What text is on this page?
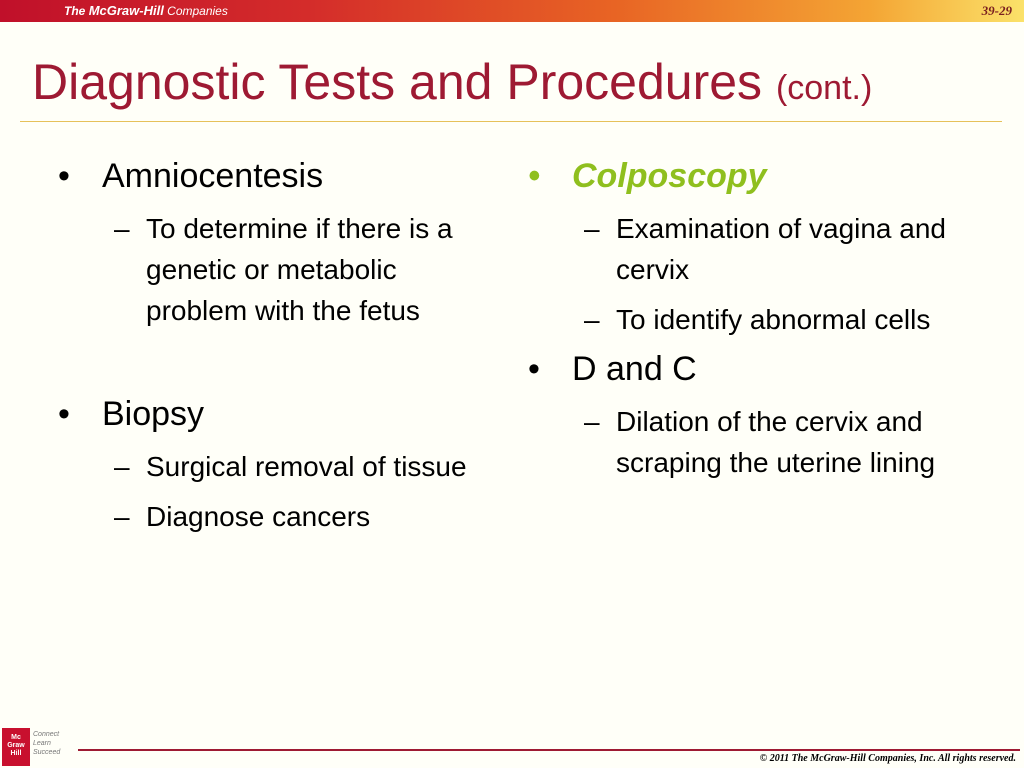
The McGraw-Hill Companies	39-29
Diagnostic Tests and Procedures (cont.)
• Amniocentesis
– To determine if there is a genetic or metabolic problem with the fetus
• Biopsy
– Surgical removal of tissue
– Diagnose cancers
• Colposcopy
– Examination of vagina and cervix
– To identify abnormal cells
• D and C
– Dilation of the cervix and scraping the uterine lining
Mc
Graw
Hill
Connect
Learn
Succeed
© 2011 The McGraw-Hill Companies, Inc. All rights reserved.
